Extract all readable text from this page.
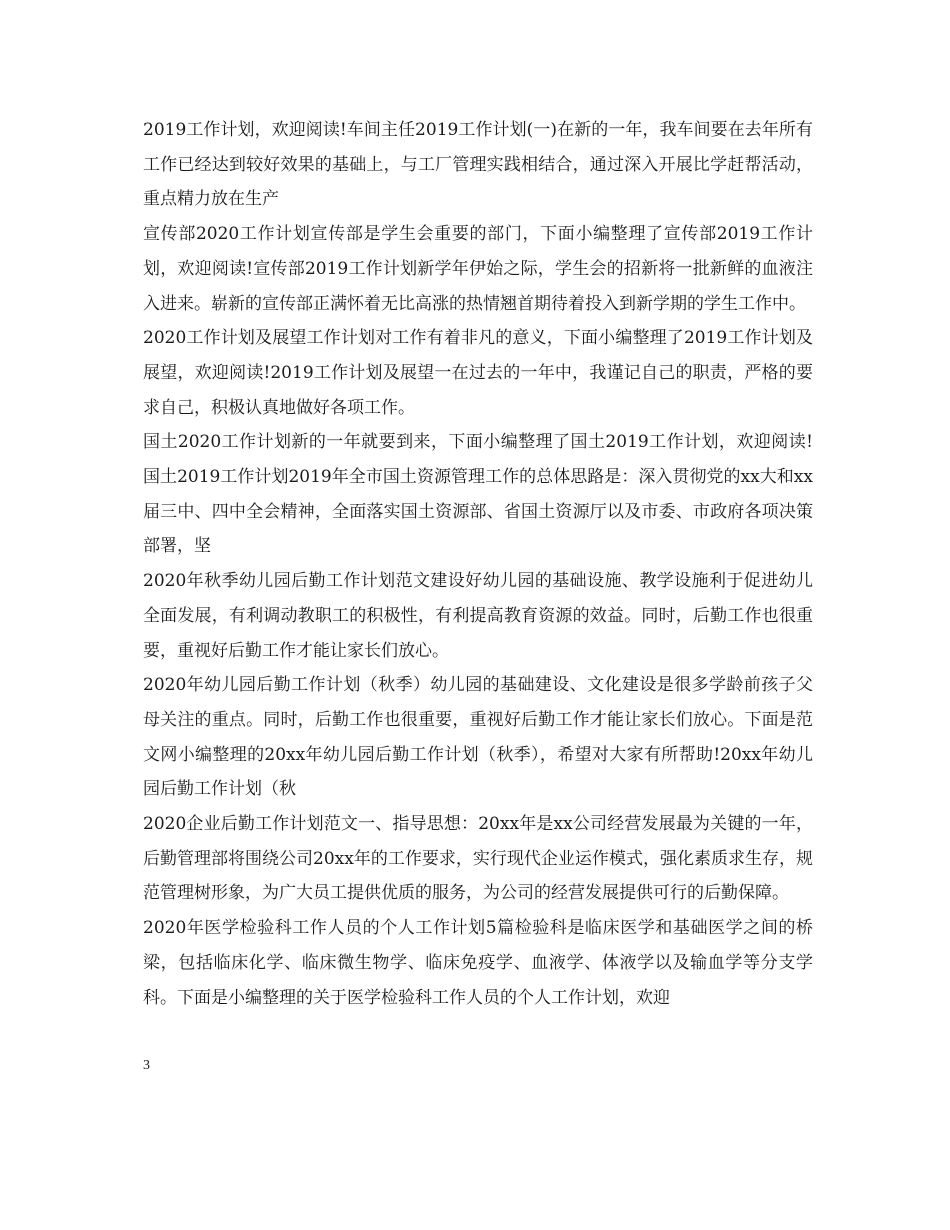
2019工作计划，欢迎阅读!车间主任2019工作计划(一)在新的一年，我车间要在去年所有工作已经达到较好效果的基础上，与工厂管理实践相结合，通过深入开展比学赶帮活动，重点精力放在生产

宣传部2020工作计划宣传部是学生会重要的部门，下面小编整理了宣传部2019工作计划，欢迎阅读!宣传部2019工作计划新学年伊始之际，学生会的招新将一批新鲜的血液注入进来。崭新的宣传部正满怀着无比高涨的热情翘首期待着投入到新学期的学生工作中。

2020工作计划及展望工作计划对工作有着非凡的意义，下面小编整理了2019工作计划及展望，欢迎阅读!2019工作计划及展望一在过去的一年中，我谨记自己的职责，严格的要求自己，积极认真地做好各项工作。

国土2020工作计划新的一年就要到来，下面小编整理了国土2019工作计划，欢迎阅读!国土2019工作计划2019年全市国土资源管理工作的总体思路是：深入贯彻党的xx大和xx届三中、四中全会精神，全面落实国土资源部、省国土资源厅以及市委、市政府各项决策部署，坚

2020年秋季幼儿园后勤工作计划范文建设好幼儿园的基础设施、教学设施利于促进幼儿全面发展，有利调动教职工的积极性，有利提高教育资源的效益。同时，后勤工作也很重要，重视好后勤工作才能让家长们放心。

2020年幼儿园后勤工作计划（秋季）幼儿园的基础建设、文化建设是很多学龄前孩子父母关注的重点。同时，后勤工作也很重要，重视好后勤工作才能让家长们放心。下面是范文网小编整理的20xx年幼儿园后勤工作计划（秋季），希望对大家有所帮助!20xx年幼儿园后勤工作计划（秋

2020企业后勤工作计划范文一、指导思想：20xx年是xx公司经营发展最为关键的一年，后勤管理部将围绕公司20xx年的工作要求，实行现代企业运作模式，强化素质求生存，规范管理树形象，为广大员工提供优质的服务，为公司的经营发展提供可行的后勤保障。

2020年医学检验科工作人员的个人工作计划5篇检验科是临床医学和基础医学之间的桥梁，包括临床化学、临床微生物学、临床免疫学、血液学、体液学以及输血学等分支学科。下面是小编整理的关于医学检验科工作人员的个人工作计划，欢迎

3
